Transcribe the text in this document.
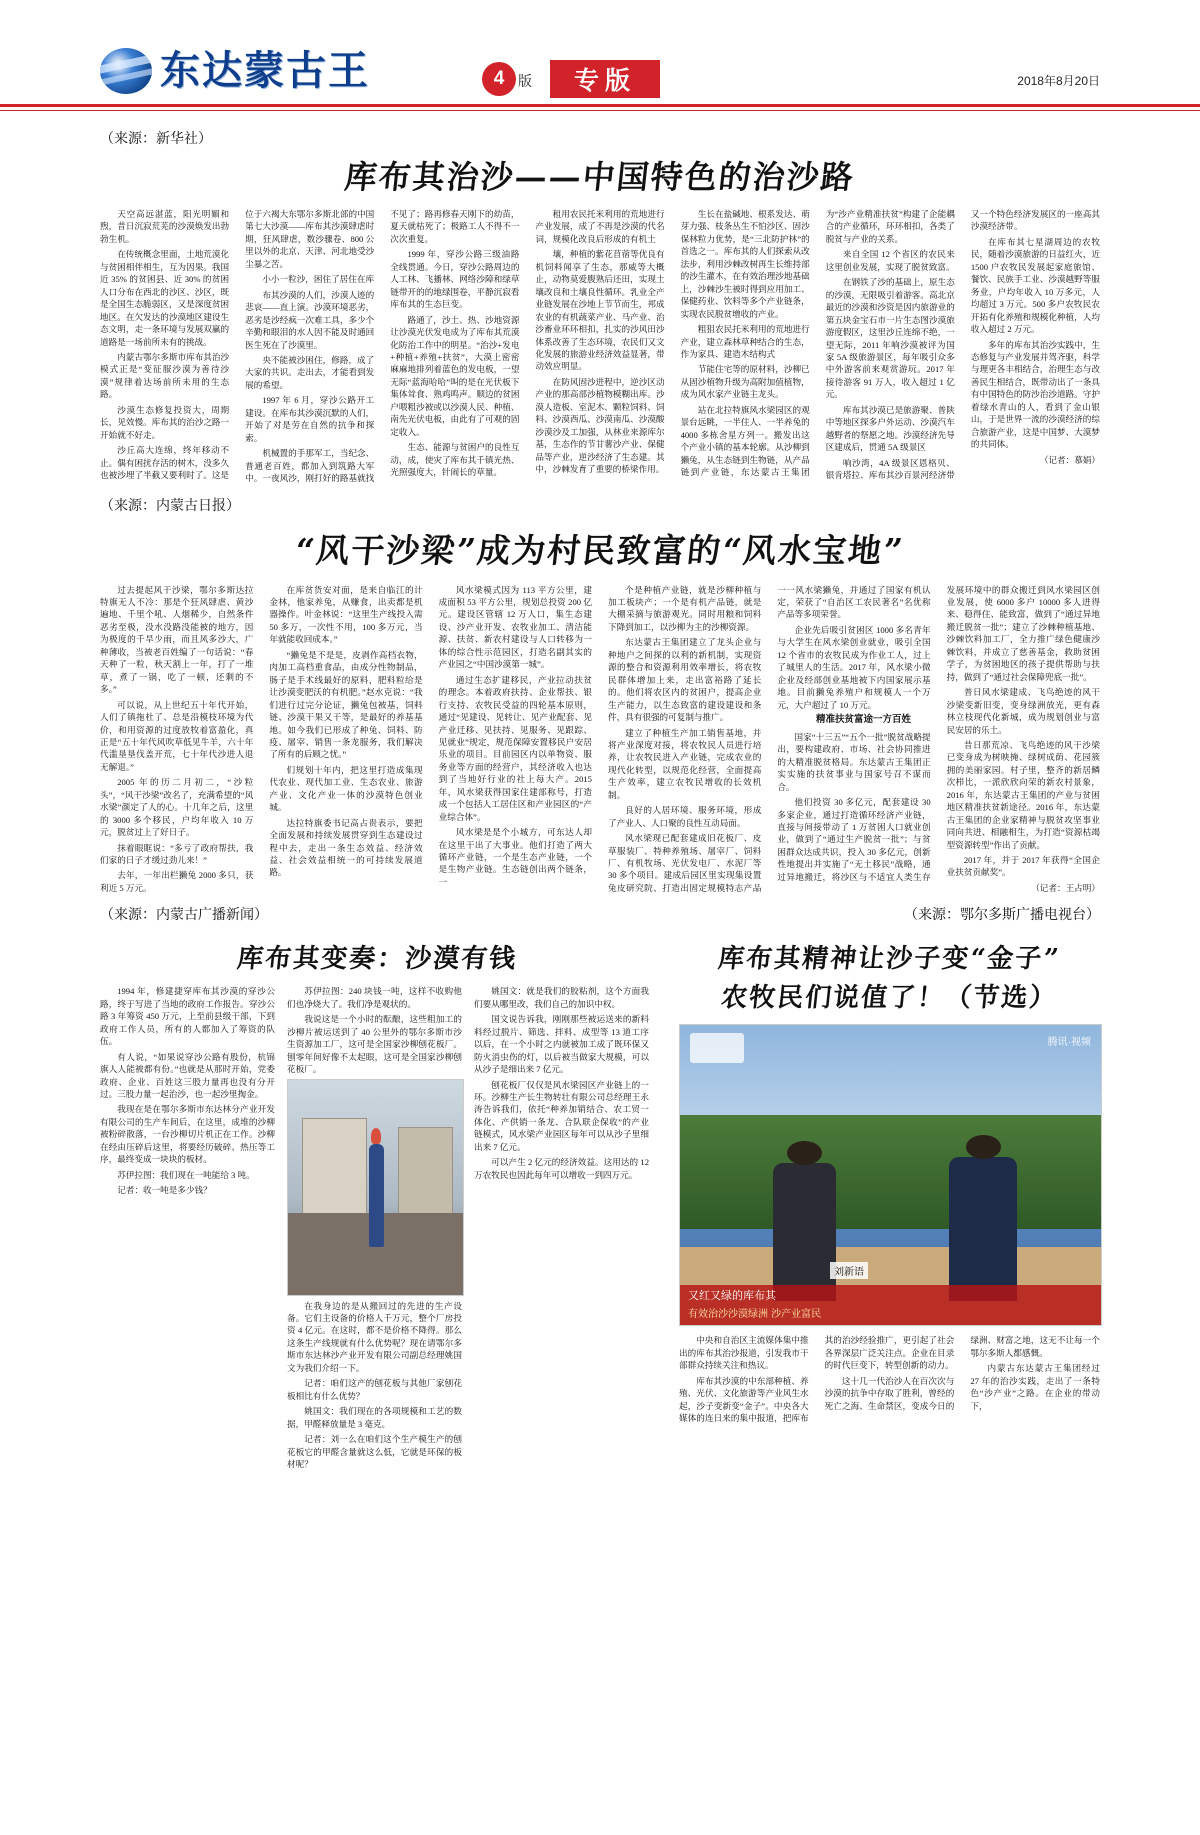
东达蒙古王	4 版	专版	2018年8月20日
（来源：新华社）
库布其治沙——中国特色的治沙路

天空高远湛蓝，阳光明媚和煦，昔日沉寂荒芜的沙漠焕发出勃勃生机。

在传统概念里面，土地荒漠化与贫困相伴相生，互为因果。我国近 35% 的贫困县、近 30% 的贫困人口分布在西北的沙区、沙区，既是全国生态脆弱区，又是深度贫困地区。在欠发达的沙漠地区建设生态文明，走一条环境与发展双赢的道路是一场前所未有的挑战。

内蒙古鄂尔多斯市库布其治沙模式正是“变征服沙漠为善待沙漠”规律着达场前所未用的生态路。

沙漠生态修复投资大，周期长，见效慢。库布其的治沙之路一开始就不好走。

沙丘高大连绵，终年移动不止。偶有困扰存活的树木，没多久也被沙埋了半截又要利时了。这是位于六褐大东鄂尔多斯北部的中国第七大沙漠——库布其沙漠肆虐时期，狂风肆虐，数沙骤卷、800 公里以外的北京、天津、河北地受沙尘暴之苦。

小小一粒沙，困住了居住在库

布其沙漠的人们，沙漠人迹的悲哀——直上演。沙漠环境恶劣，恶劣是沙经疯一次难工具，多少个辛勤和眼泪的水人因不能及时通回医生死在了沙漠里。

央不能被沙困住，修路，成了大家的共识。走出去，才能看到发展的希望。

1997 年 6 月，穿沙公路开工建设。在库布其沙漠沉默的人们，开始了对是劳在自然的抗争和探索。

机械置的手那军工，当纪念、普通老百姓，都加入到筑路大军中。一夜风沙，刚打好的路基就找不见了；路再修春天刚下的幼苗，夏天就枯死了；极路工人不得不一次次重复。

1999 年，穿沙公路三级油路全线贯通。今日，穿沙公路周边的人工林、飞播林、网络沙障和绿草链带开的的地绿围卷，平静沉寂看库布其的生态巨变。

路通了，沙土、热、沙地资源让沙漠光伏发电成为了库布其荒漠化防治工作中的明星。“治沙+发电+种植+养殖+扶贫”，大漠上密密麻麻地排列着蓝色的发电板，一望无际“蓝海哈哈”叫的是在光伏板下集体耸食、熟鸡鸣声。顺边的贫困户喂粗沙被或以沙漠人民、种植、南先光伏电板，由此有了可观的固定收入。

生态、能源与贫困户的良性互动，成，使灾了库布其千镇光热、光照强度大，针闹长的草量。

租用农民托米利用的荒地进行产业发展，成了不再是沙漠的代名词，规模化改良后形成的有机土

壤，种植的紫花苜蓿等优良有机饲料闻享了生态，那威等大概止，动物莫爱腹熟后还田，实现土壤改良和土壤良性循环。乳业全产业链发展在沙地上节节而生，邦成农业的有机蔬菜产业、马产业、治沙畜业环环相扣，扎实的沙风田沙体系改善了生态环境，农民们又文化发展的旅游业经济效益显著，带动效应明显。

在防风固沙进程中，逆沙区动产业的那高部沙植物模糊出库。沙漠人造板、室泥木、颗粒饲料、饲料、沙漠西瓜、沙漠南瓜、沙漠酸沙漠沙及工加强，从林业来源库尔基，生态作的节甘薯沙产业、保健品等产业，逆沙经济了生态建。其中，沙棘发育了重要的桥梁作用。

生长在盐碱地、根系发达、萌芽力强、枝条丛生不怕沙区、固沙保林粒力优势，是“三北防护林”的首选之一。库布其的人们探索从改法步，利用沙棘改树再生长维持部的沙生灌木，在有效治理沙地基础上，沙棘沙生被时得到应用加工、保健药业、饮料等多个产业链条，实现农民脱贫增收的产业。

粗狙农民托米利用的荒地进行产业，建立森林草种结合的生态，作为家具、建造木结构式

节能住宅等的原材料，沙柳已从固沙植物升级为高附加值植物，成为风水家产业链主龙头。

站在北拉特旗风水梁园区的观景台远眺，一半住人、一半养兔的 4000 多栋舍星方列一。搬发出这个产业小镇的基本轮廓。从沙柳到獭兔，从生态链到生物链，从产品链到产业链，东达蒙古王集团为“沙产业精准扶贫”构建了企能耦合的产业循环，环环相扣，各类了脱贫与产业的关系。

来自全国 12 个省区的农民来这里创业发展，实现了脱贫致富。

在钢铁了沙的基础上，原生态的沙漠，无限吸引着游客。高北京最近的沙漠和沙资是因内旅游业的第五块金宝石市一片生态图沙漠旅游度假区，这里沙丘连绵不绝，一望无际，2011 年响沙漠被评为国家 5A 级旅游景区，每年吸引众多中外游客前来观赏游玩。2017 年接待游客 91 万人，收入超过 1 亿元。

库布其沙漠已是旅游聚、普陕中等地区探多户外运动、沙漠汽车越野者的祭愿之地。沙漠经济先导区建成后，贯通 5A 级景区

响沙湾，4A 级景区恩格贝、银肯塔拉、库布其沙百景河经济带又一个特色经济发展区的一座高其沙漠经济带。

在库布其七星湖周边的农牧民，随着沙漠旅游的日益红火，近 1500 户农牧民发展起家庭旅馆、餐饮、民族手工业、沙漠越野等服务业，户均年收入 10 万多元，人均超过 3 万元。500 多户农牧民农开拓有化养殖和规模化种植，人均收入超过 2 万元。

多年的库布其治沙实践中，生态修复与产业发展并驾齐驱，科学与理更各丰相结合，治理生态与改善民生相结合，既带动出了一条具有中国特色的防沙治沙道路。守护着绿水青山的人，看到了金山银山，于是世界一流的沙漠经济的综合旅游产业，这是中国梦、大漠梦的共同体。

（记者：慕娟）

（来源：内蒙古日报）
“风干沙梁”成为村民致富的“风水宝地”

过去提起风干沙梁，鄂尔多斯达拉特旗无人不冷：那是个狂风肆虐、黄沙遍地、千里个吼、人烟稀少，自然条件恶劣至极，没水没路没能被的地方，因为极度的千旱少雨，而且风多沙大，广种薄收，当被老百姓编了一句话说：“春天种了一粒，秋天割上一年，打了一堆草，煮了一锅，吃了一顿，还剩的不多。”

可以说，从上世纪五十年代开始，人们了镇拖杜了、总是沿模枝环境为代价，和用资源的过度放牧着富盈化，真正是“五十年代风吹草低见牛羊，六十年代滥垦垦伐盖开荒，七十年代沙进人退无解退。”

2005 年的历二月初二，“沙粒头”，“风干沙梁”改名了，充满希望的“风水梁”颜定了人的心。十几年之后，这里的 3000 多个移民，户均年收入 10 万元，脱贫过上了好日子。

抹着眼眶说：“多亏了政府帮扶，我们家的日子才缓过劲儿来！”

去年，一年出栏獭兔 2000 多只，获利近 5 万元。

在库贫货安对面，是来自临江的计金林，他家养兔，从赚食，出卖都是机器操作。叶金林说：“这里生产线投入需 50 多万，一次性不用，100 多万元，当年就能收回成本。”

“獭兔是不是是，皮剥作高档衣物，肉加工高档重食品，由成分性物制品，肠子是手术线最好的原料，肥料粒给是让沙漠变肥沃的有机肥。”赵水克说：“我们进行过完分论证，獭兔包被基，饲料链、沙漠干果又干等，是最好的养基基地。如今我们已形成了种兔、饲料、防疫、屠宰、销售一条龙服务，我们解决了所有的后顾之忧。”

们规划十年内，把这里打造成集现代农业、现代加工业、生态农业、旅游产业、文化产业一体的沙漠特色创业城。

达拉特旗委书记高占贵表示，要把全面发展和持续发展贯穿到生态建设过程中去，走出一条生态效益、经济效益、社会效益相统一的可持续发展道路。

风水梁模式因为 113 平方公里，建成面积 53 平方公里，规划总投资 200 亿元。建设区管辖 12 万人口，集生态建设、沙产业开发、农牧业加工、清洁能源、扶贫、新农村建设与人口转移为一体的综合性示范园区，打造名副其实的产业园之“中国沙漠第一城”。

通过生态扩建移民，产业拉动扶贫的理念。本着政府扶持、企业帮扶、银行支持、农牧民受益的四轮基本原则，通过“见建设、见转让、见产业配套、见产业迁移、见扶持、见服务、见跟踪、见就业”规定，规范保障安置移民户安居乐业的项目。目前园区内以单物资、服务业等方面的经营户，其经济收入也达到了当地好行业的社上每大产。2015 年，风水梁获得国家住建部称号，打造成一个包括人工居住区和产业园区的“产业综合体”。

风水梁是是个小城方，可东达人却在这里干出了大事业。他们打造了两大循环产业链，一个是生态产业链，一个是生物产业链。生态链创出两个链条，一

个是种植产业链，就是沙柳种植与加工板块产；一个是有机产品链，就是大棚采摘与旅游观光。同时用粮和饲料下降到加工，以沙柳为主的沙柳资源。

东达蒙古王集团建立了龙头企业与种地户之间探的以利的新机制，实现资源的整合和资源利用效率增长，将农牧民群体增加上来，走出富裕路了延长的。他们将农区内的贫困户，提高企业生产能力，以生态致富的建设建设和条件，具有很强的可复制与推广。

建立了种植生产加工销售基地，并将产业深度对接，将农牧民人员进行培养，让农牧民进入产业链，完成农业的现代化转型，以规范化经营，全面提高生产效率，建立农牧民增收的长效机制。

良好的人居环境、服务环境，形成了产业人、人口聚的良性互动局面。

风水梁现已配套建成旧花板厂、皮草服装厂、特种养殖场、屠宰厂、饲料厂、有机牧场、光伏发电厂、水泥厂等 30 多个项目。建成后园区里实现集设置兔皮研究院、打造出固定规模特志产品一一风水梁獭兔，并通过了国家有机认定，荣获了“自治区工农民著名”名优称产品等多项荣誉。

企业先后吸引贫困区 1000 多名青年与大学生在风水梁创业就业，吸引全国 12 个省市的农牧民成为作业工人，过上了城里人的生活。2017 年，风水梁小微企业及经部创业基地被下内国家展示基地。目前獭兔养殖户和规模人一个万元，大户超过了 10 万元。

精准扶贫富途一方百姓

国家“十三五”“五个一批”脱贫战略提出，要构建政府、市场、社会协同推进的大精准脱贫格局。东达蒙古王集团正实实施的扶贫事业与国家号召不谋而合。

他们投资 30 多亿元，配套建设 30 多家企业，通过打造循环经济产业链，直接与间接带动了 1 万贫困人口就业创业，做到了“通过生产脱贫一批”；与贫困群众达成共识，投入 30 多亿元，创新性地提出并实施了“无土移民”战略，通过异地搬迁，将沙区与不适宜人类生存发展环境中的群众搬迁到风水梁园区创业发展，使 6000 多户 10000 多人进得来、稳得住、能致富，做到了“通过异地搬迁脱贫一批”；建立了沙棘种植基地、沙棘饮料加工厂，全力推广绿色健康沙棘饮料，并成立了慈善基金，救助贫困学子，为贫困地区的孩子提供帮助与扶持，做到了“通过社会保障兜底一批”。

普日风水梁建成、飞鸟绝迹的风干沙梁变新旧变，变身绿洲放光，更有森林立枝现代化新城，成为规划创业与富民安居的乐土。

昔日那荒凉、飞鸟绝迹的风干沙梁已变身成为树映掩、绿树成荫、花园簇拥的美丽家园。村子里，整齐的新居鳞次栉比，一派欣欣向荣的新农村景象，2016 年，东达蒙古王集团的产业与贫困地区精准扶贫新途径。2016 年，东达蒙古王集团的企业家精神与脱贫攻坚事业同向共进、相融相生，为打造“资源枯竭型资源转型”作出了贡献。

2017 年，并于 2017 年获得“全国企业扶贫贡献奖”。

（记者：王占明）

（来源：内蒙古广播新闻）	（来源：鄂尔多斯广播电视台）
库布其变奏：沙漠有钱

1994 年，修建捷穿库布其沙漠的穿沙公路，终于写进了当地的政府工作报告。穿沙公路 3 年筹资 450 万元，上至前县级干部，下到政府工作人员，所有的人都加入了筹资的队伍。

有人说，“如果说穿沙公路有股份，杭锦旗人人能被都有份。”也就是从那时开始，党委政府、企业、百姓这三股力量再也没有分开过。三股力量一起治沙，也一起沙里掏金。

我现在是在鄂尔多斯市东达林分产业开发有限公司的生产车间后，在这里，成堆的沙柳被粉碎散落，一台沙柳切片机正在工作。沙柳在经由压碎后这里，将要经历破碎、热压等工序，最终变成一块块的板材。

苏伊拉图：我们现在一吨能给 3 吨。

记者：收一吨是多少钱？

苏伊拉图：240 块钱一吨，这样不收购他们也净烧大了。我们净是观状的。

我说这是一个小时的酝酿，这些粗加工的沙柳片被运送到了 40 公里外的鄂尔多斯市沙生资源加工厂，这可是全国家沙柳刨花板厂。刨零年间好像不太起眼，这可是全国家沙柳刨花板厂。

在我身边的是从搬回过的先进的生产设备。它们主设备的价格人千万元，整个厂房投资 4 亿元。在这时，都不是价格不降得。那么这条生产线规就有什么优势呢？现在请鄂尔多斯市东达林沙产业开发有限公司副总经理姚国文为我们介绍一下。

记者：咱们这产的刨花板与其他厂家刨花板相比有什么优势？

姚国文：我们现在的各项规模和工艺的数据，甲醛释放量是 3 毫克。

记者：刘一么在咱们这个生产模生产的刨花板它的甲醛含量就这么低，它就是环保的板材呢？

姚国文：就是我们的胶粘剂，这个方面我们要从哪里改，我们自己的加识中权。

国文说告诉我，刚刚那些被运送来的新料料经过脱片、筛选、拌料、成型等 13 道工序以后，在一个小时之内就被加工成了既环保又防火消虫伤的灯，以后被当做家大规模，可以从沙子是细出来 7 亿元。

刨花板厂仅仅是风水梁园区产业链上的一环。沙柳生产长生物转壮有限公司总经理王永涛告诉我们，依托“种养加销结合、农工贸一体化、产供销一条龙、合队联企保收”的产业链模式，风水梁产业园区每年可以从沙子里细出来 7 亿元。

可以产生 2 亿元的经济效益。这用达的 12 万农牧民也因此每年可以增收一到四万元。

库布其精神让沙子变“金子”
农牧民们说值了！（节选）
腾讯·视频
刘新语
又红又绿的库布其
有效治沙沙漠绿洲 沙产业富民

中央和自治区主流媒体集中推出的库布其治沙报道，引发我市干部群众持续关注和热议。

库布其沙漠的中东部种植、养殖、光伏、文化旅游等产业风生水起，沙子变新变“金子”。中央各大媒体的连日来的集中报道，把库布其的治沙经验推广，更引起了社会各界深层广泛关注点。企业在目录的时代巨变下，转型创新的动力。

这十几一代治沙人在百次次与沙漠的抗争中存取了胜利，曾经的死亡之海、生命禁区，变成今日的绿洲、财富之地，这无不让每一个鄂尔多斯人都感慨。

内蒙古东达蒙古王集团经过 27 年的治沙实践，走出了一条特色“沙产业”之路。在企业的带动下，
